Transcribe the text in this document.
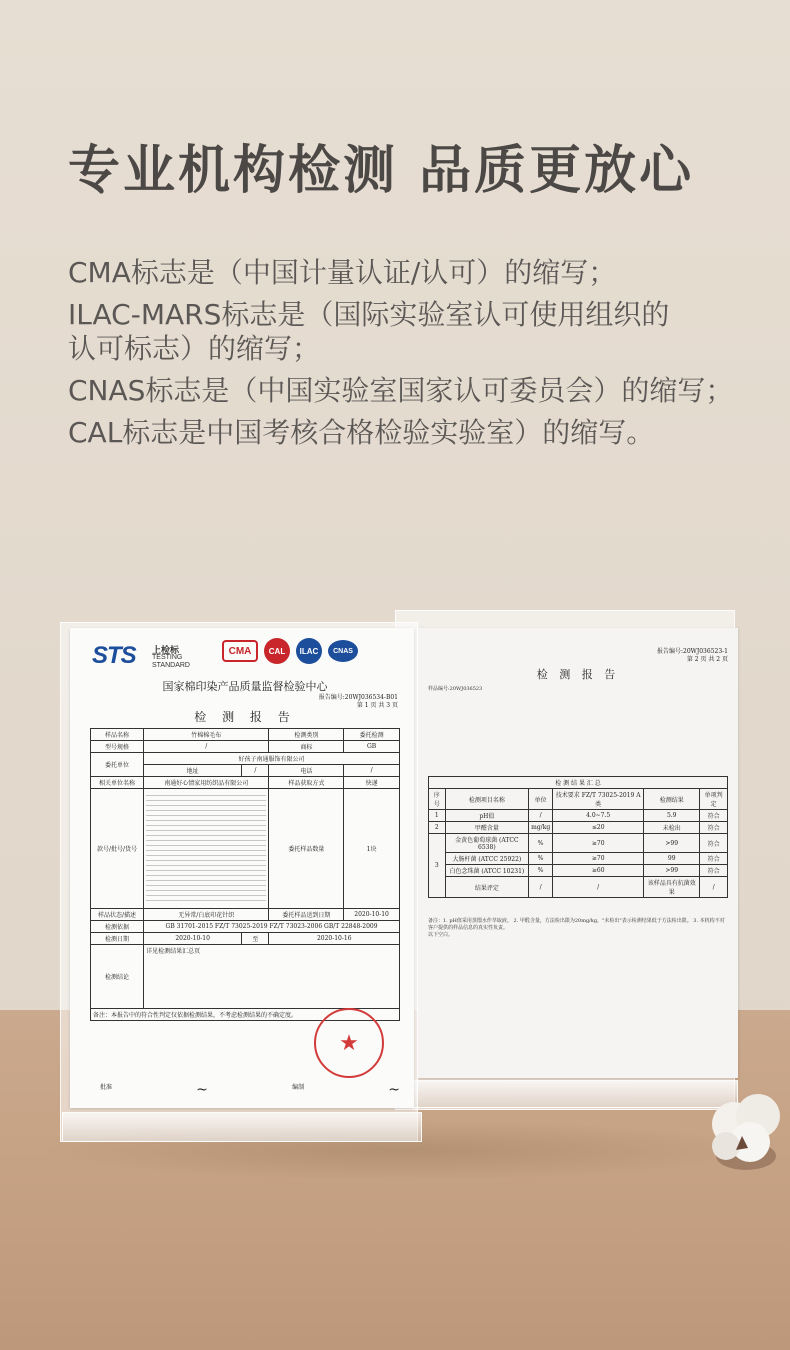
专业机构检测 品质更放心

CMA标志是（中国计量认证/认可）的缩写；

ILAC-MARS标志是（国际实验室认可使用组织的

认可标志）的缩写；

CNAS标志是（中国实验室国家认可委员会）的缩写；

CAL标志是中国考核合格检验实验室）的缩写。

报告编号:20WJ036523-1
第 2 页 共 2 页
检 测 报 告
样品编号:20WJ036523
检 测 结 果 汇 总					
序号	检测项目名称	单位	技术要求 FZ/T 73025-2019 A类	检测结果	单项判定
1	pH值	/	4.0~7.5	5.9	符合
2	甲醛含量	mg/kg	≤20	未检出	符合
3	金黄色葡萄球菌 (ATCC 6538)	%	≥70	>99	符合
	大肠杆菌 (ATCC 25922)	%	≥70	99	符合
	白色念珠菌 (ATCC 10231)	%	≥60	>99	符合
	结果评定	/	/	该样品具有抗菌效果	/
备注：1. pH值采用蒸馏水作萃取液。 2. 甲醛含量，方法检出限为20mg/kg，"未检出"表示检测结果低于方法检出限。 3. 本机构不对客户提供的样品信息的真实性负责。
以下空白。
STS 上检标
TESTING
STANDARD
CMA	CAL	ILAC	CNAS
国家棉印染产品质量监督检验中心
报告编号:20WJ036534-B01
第 1 页 共 3 页
检 测 报 告
样品名称	竹棉棉毛布		检测类别	委托检测
型号规格	/		商标	GB
委托单位	好孩子南通服饰有限公司			
	地址	/	电话	/
相关单位名称	南通好心情家用纺织品有限公司		样品获取方式	快递
款号/批号/货号			委托样品数量	1块
样品状态/描述	无异常/白底印花针织		委托样品送到日期	2020-10-10
检测依据	GB 31701-2015 FZ/T 73025-2019 FZ/T 73023-2006 GB/T 22848-2009			
检测日期	2020-10-10	至	2020-10-16	
检测结论	详见检测结果汇总页			
备注：本报告中的符合性判定仅依据检测结果，不考虑检测结果的不确定度。				
★
批准	~	编制	~
